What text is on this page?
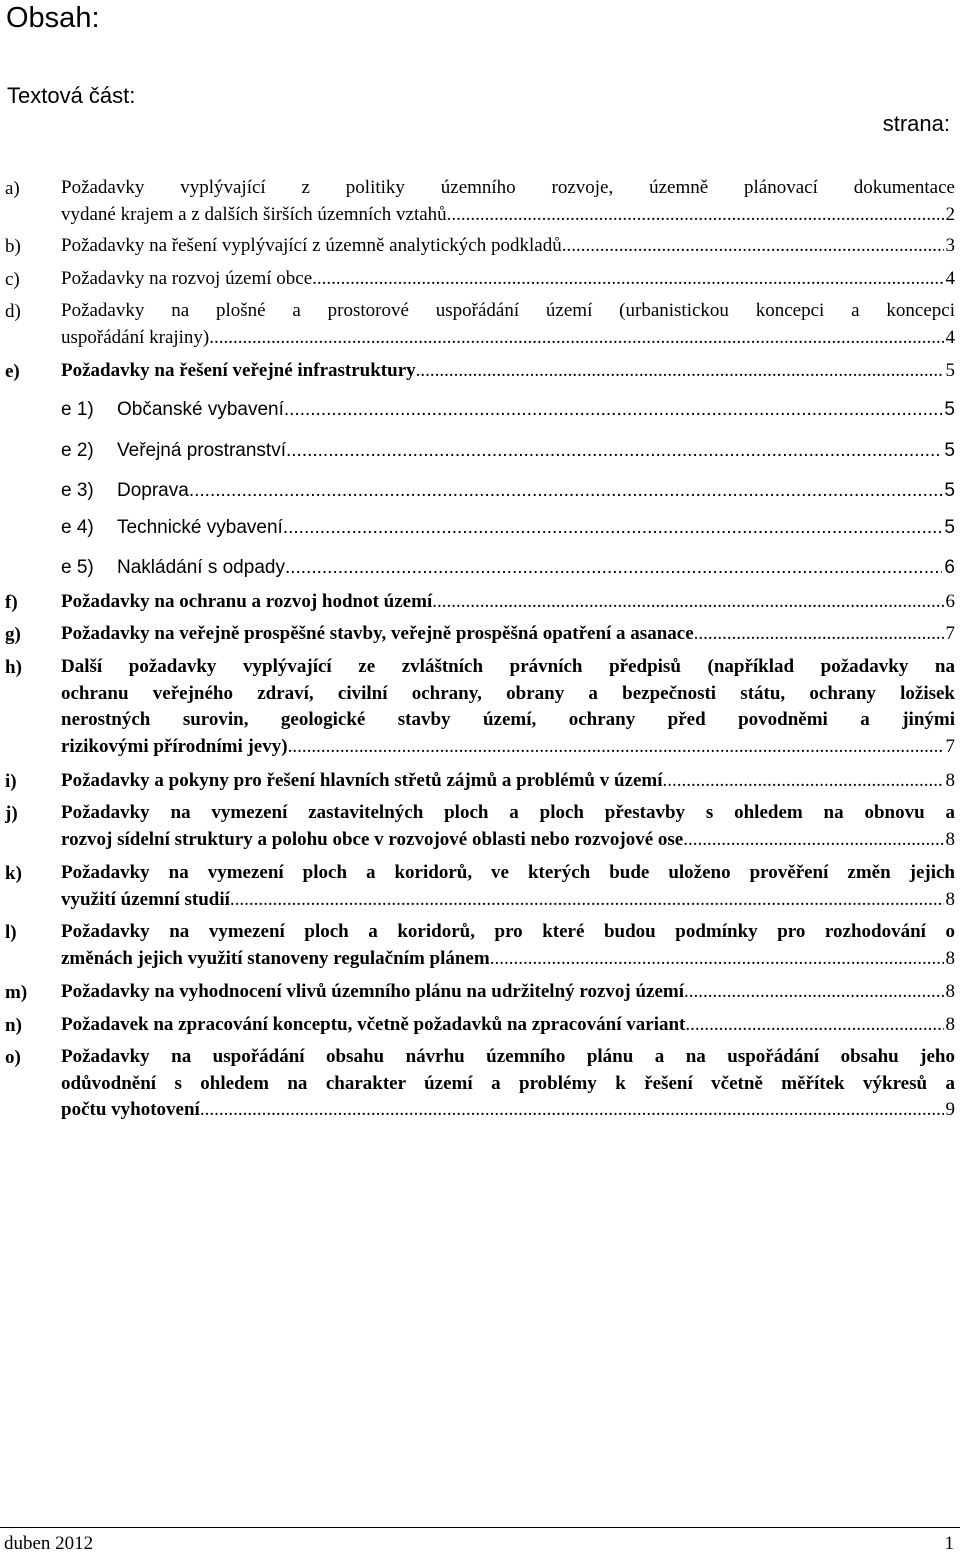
Obsah:
Textová část:
strana:
a) Požadavky vyplývající z politiky územního rozvoje, územně plánovací dokumentace
vydané krajem a z dalších širších územních vztahů .....	2
b) Požadavky na řešení vyplývající z územně analytických podkladů .....	3
c) Požadavky na rozvoj území obce .....	4
d) Požadavky na plošné a prostorové uspořádání území (urbanistickou koncepci a koncepci
uspořádání krajiny) .....	4
e) Požadavky na řešení veřejné infrastruktury .....	5
e 1)	Občanské vybavení .....	5
e 2)	Veřejná prostranství .....	5
e 3)	Doprava .....	5
e 4)	Technické vybavení .....	5
e 5)	Nakládání s odpady .....	6
f) Požadavky na ochranu a rozvoj hodnot území .....	6
g) Požadavky na veřejně prospěšné stavby, veřejně prospěšná opatření a asanace .....	7
h) Další požadavky vyplývající ze zvláštních právních předpisů (například požadavky na
ochranu veřejného zdraví, civilní ochrany, obrany a bezpečnosti státu, ochrany ložisek
nerostných surovin, geologické stavby území, ochrany před povodněmi a jinými
rizikovými přírodními jevy) .....	7
i) Požadavky a pokyny pro řešení hlavních střetů zájmů a problémů v území .....	8
j) Požadavky na vymezení zastavitelných ploch a ploch přestavby s ohledem na obnovu a
rozvoj sídelní struktury a polohu obce v rozvojové oblasti nebo rozvojové ose .....	8
k) Požadavky na vymezení ploch a koridorů, ve kterých bude uloženo prověření změn jejich
využití územní studií .....	8
l) Požadavky na vymezení ploch a koridorů, pro které budou podmínky pro rozhodování o
změnách jejich využití stanoveny regulačním plánem .....	8
m) Požadavky na vyhodnocení vlivů územního plánu na udržitelný rozvoj území .....	8
n) Požadavek na zpracování konceptu, včetně požadavků na zpracování variant .....	8
o) Požadavky na uspořádání obsahu návrhu územního plánu a na uspořádání obsahu jeho
odůvodnění s ohledem na charakter území a problémy k řešení včetně měřítek výkresů a
počtu vyhotovení .....	9
duben 2012	1
